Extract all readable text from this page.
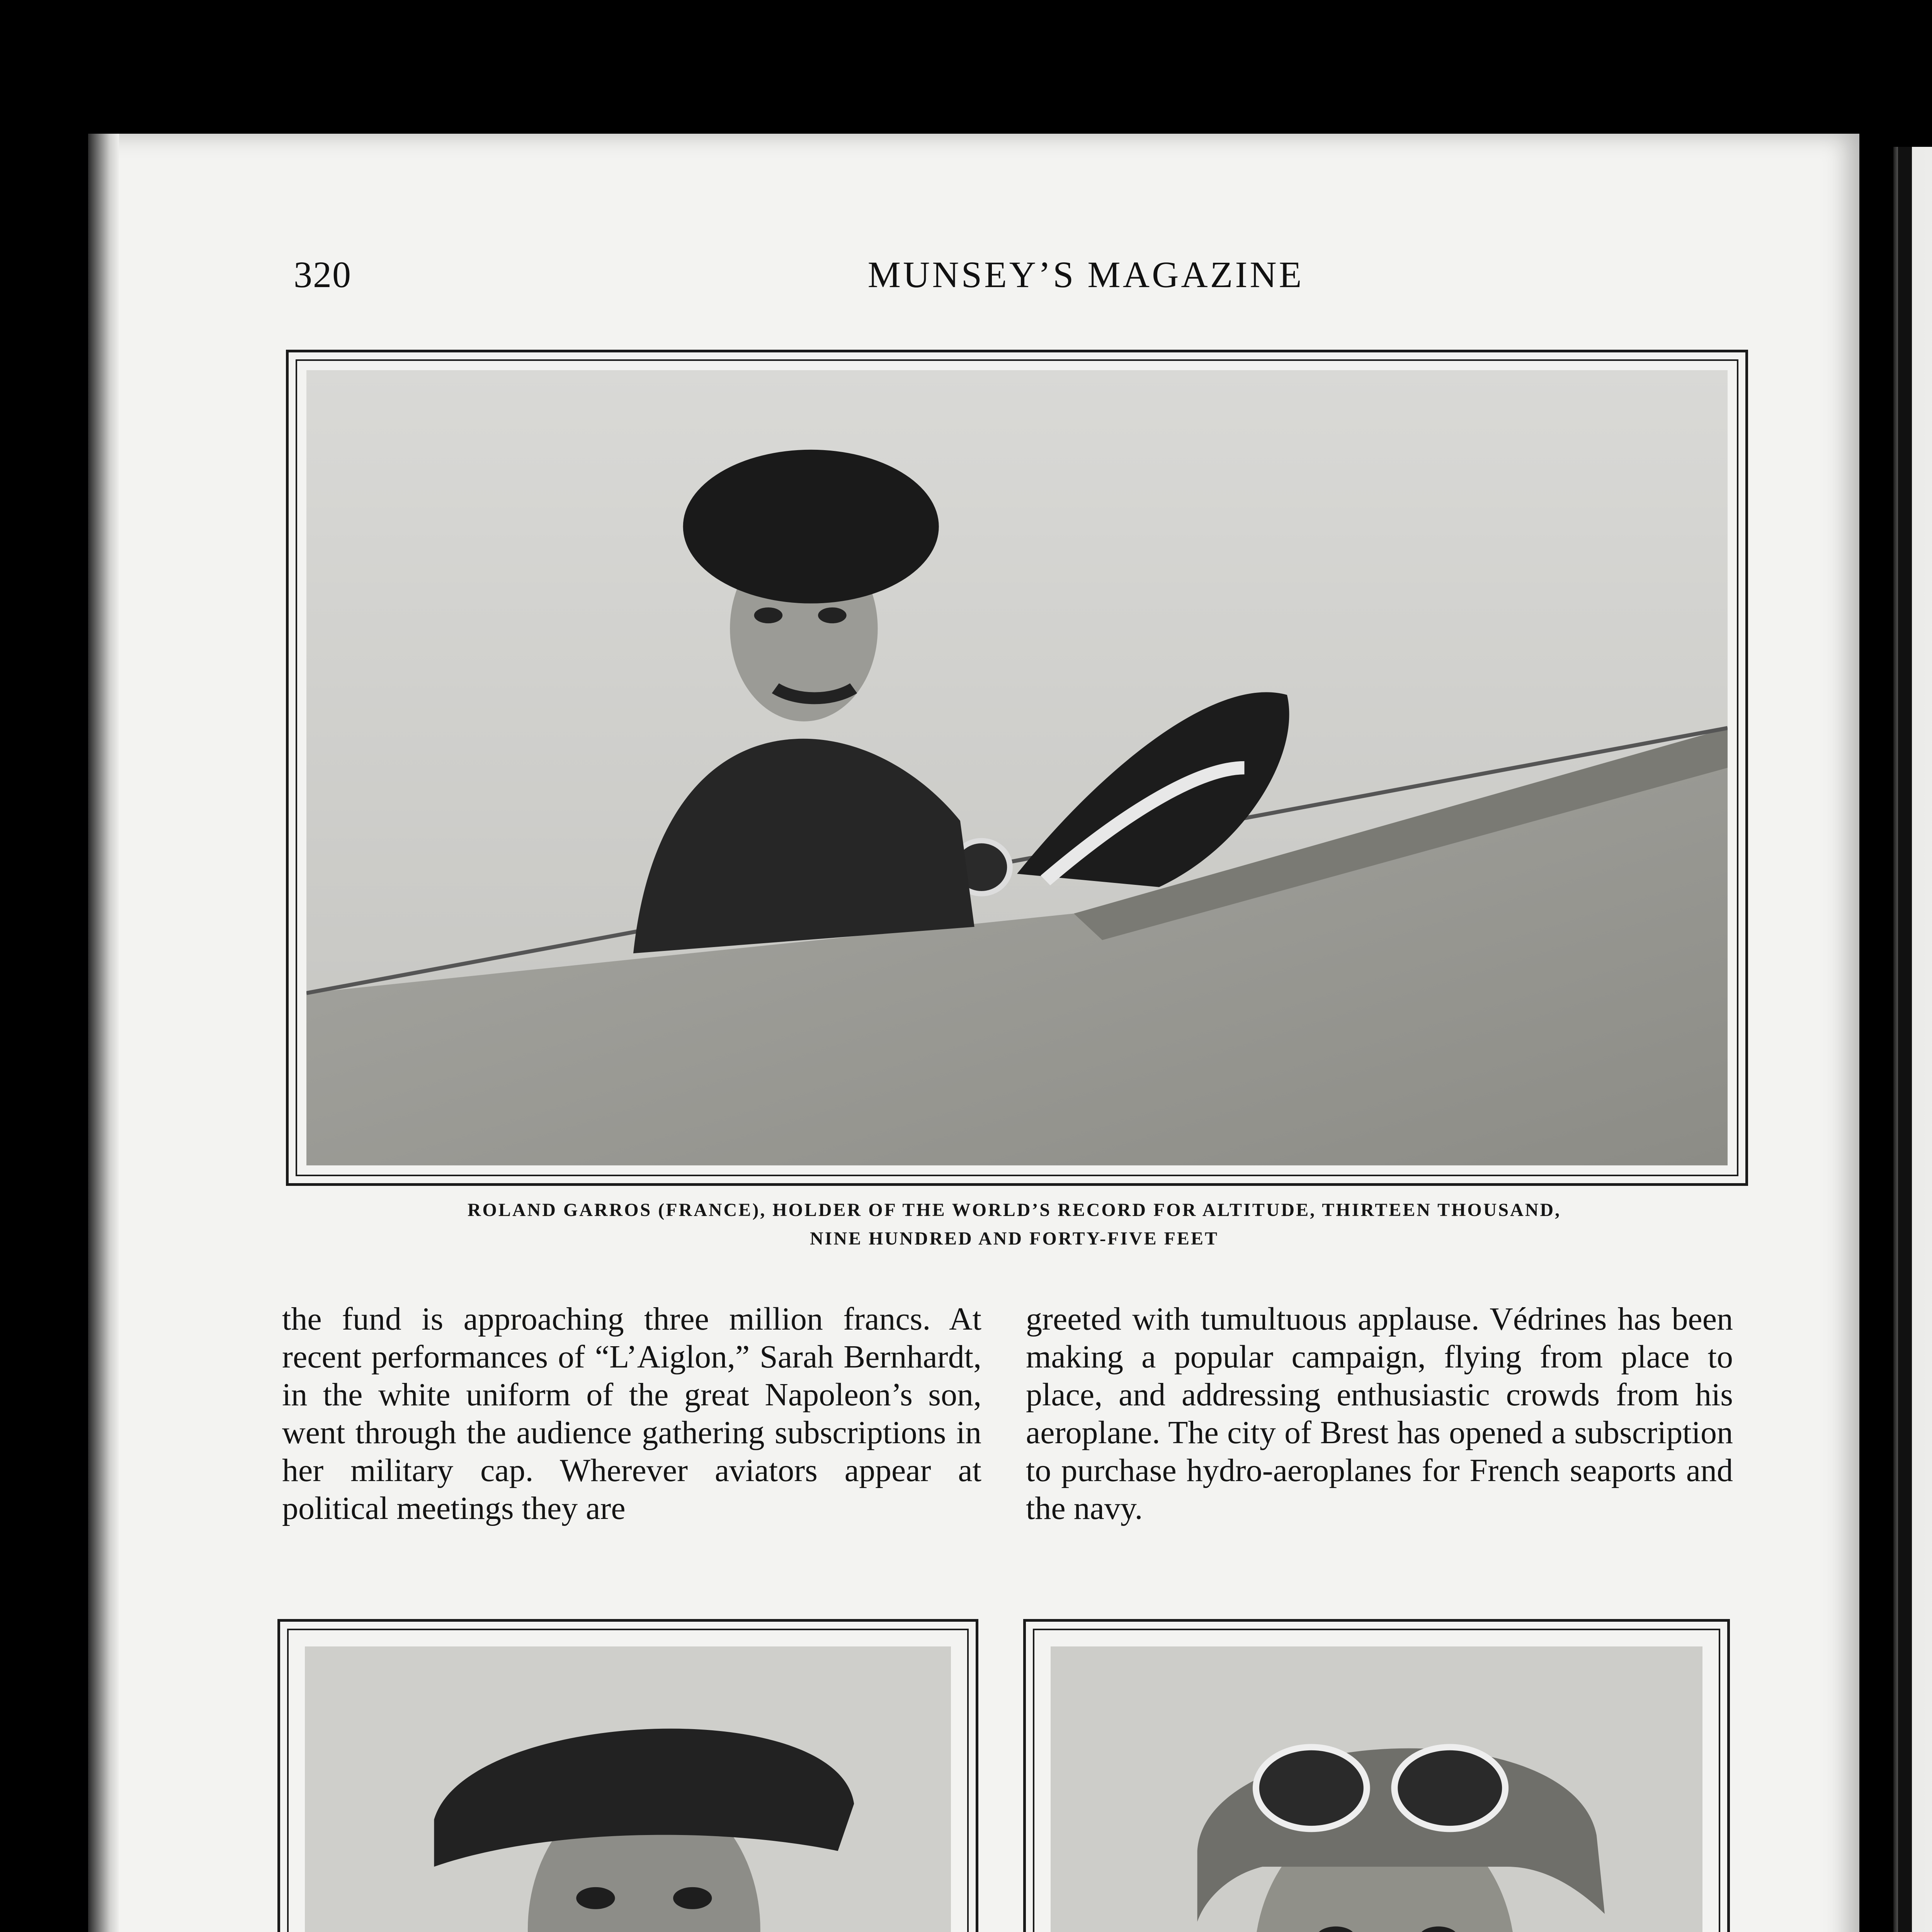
320	MUNSEY’S MAGAZINE
ROLAND GARROS (FRANCE), HOLDER OF THE WORLD’S RECORD FOR ALTITUDE, THIRTEEN THOUSAND,
NINE HUNDRED AND FORTY-FIVE FEET

the fund is approaching three million francs. At recent performances of “L’Aiglon,” Sarah Bernhardt, in the white uniform of the great Napoleon’s son, went through the audience gathering subscriptions in her military cap. Wherever aviators appear at political meetings they are

greeted with tumultuous applause. Védrines has been making a popular campaign, flying from place to place, and addressing enthusiastic crowds from his aeroplane. The city of Brest has opened a subscription to purchase hydro-aeroplanes for French seaports and the navy.
